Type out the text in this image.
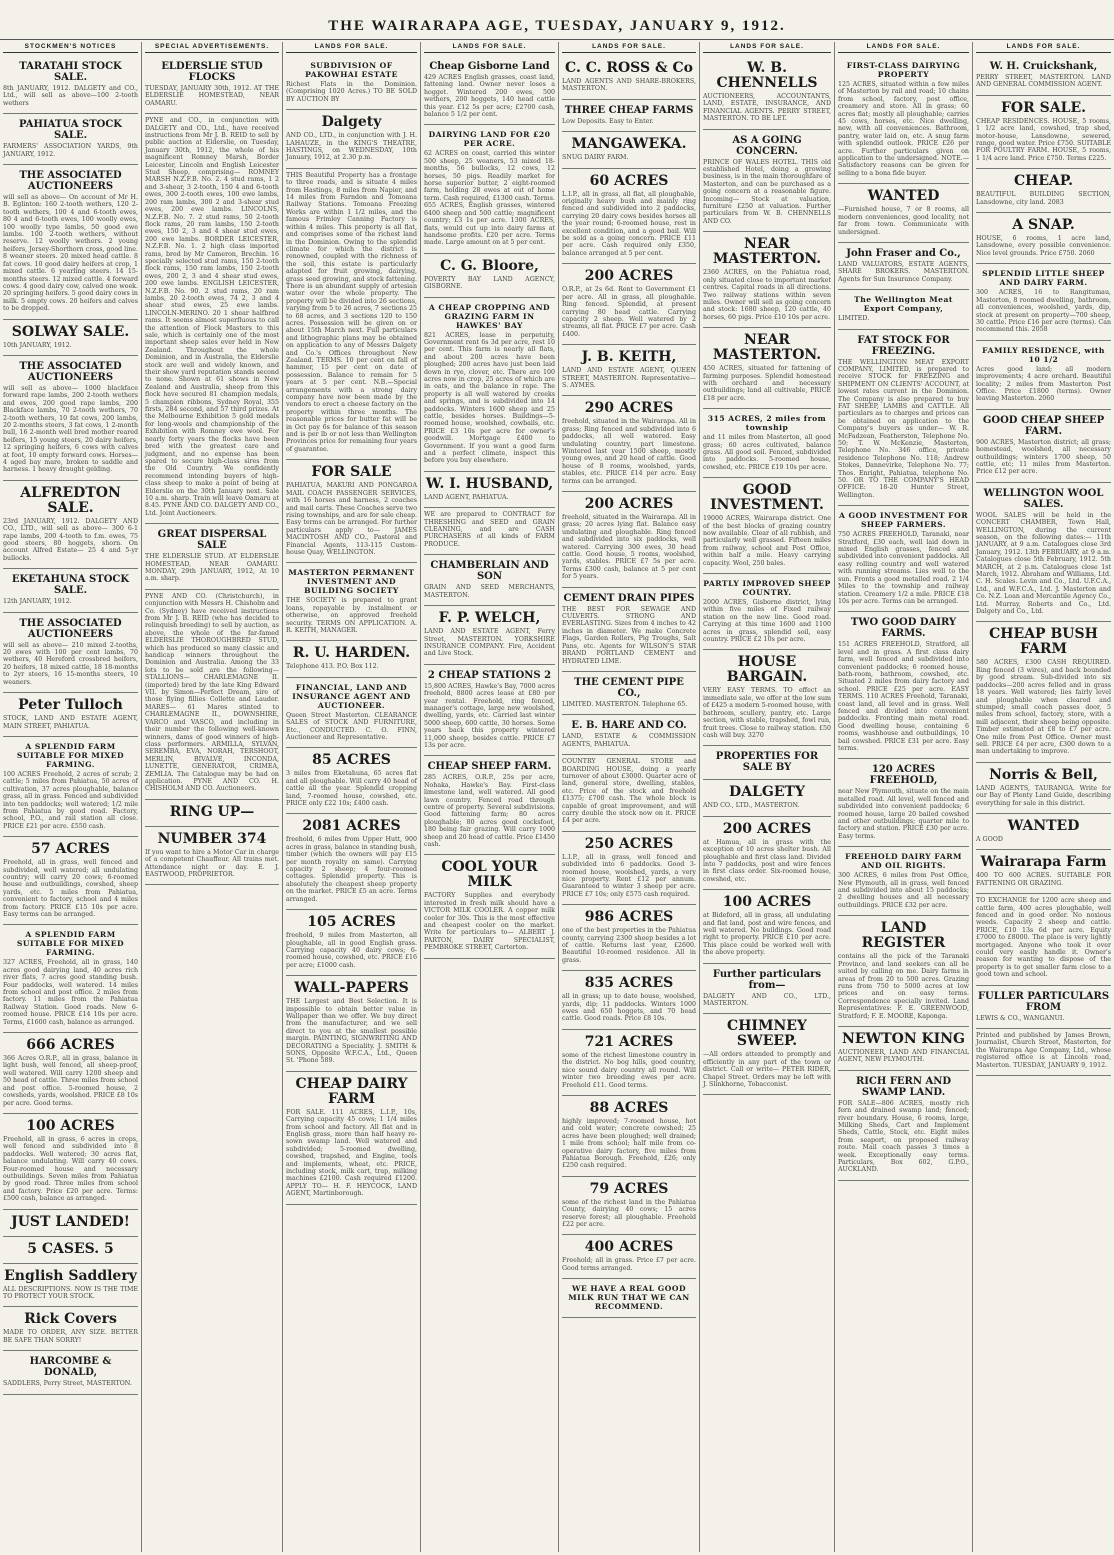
THE WAIRARAPA AGE, TUESDAY, JANUARY 9, 1912.
STOCKMEN'S NOTICES
TARATAHI STOCK SALE.

8th JANUARY, 1912. DALGETY and CO., Ltd., will sell as above—100 2-tooth wethers

PAHIATUA STOCK SALE.

FARMERS' ASSOCIATION YARDS, 9th JANUARY, 1912.

THE ASSOCIATED AUCTIONEERS

will sell as above— On account of Mr H. B. Eglinton: 160 2-tooth wethers, 120 2-tooth wethers, 100 4 and 6-tooth ewes, 80 4 and 6-tooth ewes, 100 woolly ewes, 100 woolly type lambs, 50 good ewe lambs. 100 2-tooth wethers, without reserve. 12 woolly wethers. 2 young heifers, Jersey-Shorthorn cross, good line. 8 weaner steers. 20 mixed head cattle. 8 fat cows. 10 good dairy heifers at crop, 1 mixed cattle. 6 yearling steers. 14 15-months steers. 12 mixed cattle. 4 forward cows. 4 good dairy cow, calved one week. 20 springing heifers. 5 good dairy cows in milk. 5 empty cows. 20 heifers and calves to be dropped.

SOLWAY SALE.

10th JANUARY, 1912.

THE ASSOCIATED AUCTIONEERS

will sell as above— 1000 blackface forward rape lambs, 200 2-tooth wethers and ewes, 200 good rape lambs, 200 Blackface lambs, 70 2-tooth wethers, 70 2-tooth wethers, 10 fat cows, 200 lambs, 20 2-months steers, 3 fat cows, 1 2-month bull, 16 2-month well bred mother reared heifers, 15 young steers, 20 dairy heifers, 12 springing heifers, 6 cows with calves at foot, 10 empty forward cows. Horses— 4 aged bay mare, broken to saddle and harness. 1 heavy draught gelding.

ALFREDTON SALE.

23rd JANUARY, 1912. DALGETY AND CO., LTD., will sell as above— 300 6-1 rape lambs, 200 4-tooth to f.m. ewes, 75 good steers, 80 hoggets, shorn. On account Alfred Estate— 25 4 and 5-yr bullocks.

EKETAHUNA STOCK SALE.

12th JANUARY, 1912.

THE ASSOCIATED AUCTIONEERS

will sell as above— 210 mixed 2-tooths, 20 ewes with 100 per cent lambs, 70 wethers, 40 Hereford crossbred heifers, 20 heifers, 18 mixed cattle, 18 18-months to 2yr steers, 16 15-months steers, 10 weaners.

Peter Tulloch

STOCK, LAND AND ESTATE AGENT, MAIN STREET, PAHIATUA.

A SPLENDID FARM SUITABLE FOR MIXED FARMING.

100 ACRES Freehold, 2 acres of scrub; 2 cattle; 5 miles from Pahiatua, 50 acres of cultivation, 37 acres ploughable, balance grass, all in grass. Fenced and subdivided into ten paddocks; well watered; 1/2 mile from Pahiatua by good road. Factory, school, P.O., and rail station all close. PRICE £21 per acre. £550 cash.

57 ACRES

Freehold, all in grass, well fenced and subdivided, well watered; all undulating country; will carry 20 cows; 6-roomed house and outbuildings, cowshed, sheep yards, etc. 5 miles from Pahiatua, convenient to factory, school and 4 miles from factory. PRICE £15 10s per acre. Easy terms can be arranged.

A SPLENDID FARM SUITABLE FOR MIXED FARMING.

327 ACRES, Freehold, all in grass, 140 acres good dairying land, 40 acres rich river flats, 7 acres good standing bush. Four paddocks, well watered. 14 miles from school and post office. 2 miles from factory. 11 miles from the Pahiatua Railway Station. Good roads. New 6-roomed house. PRICE £14 10s per acre. Terms, £1600 cash, balance as arranged.

666 ACRES

366 Acres O.R.P., all in grass, balance in light bush, well fenced, all sheep-proof, well watered. Will carry 1200 sheep and 50 head of cattle. Three miles from school and post office. 5-roomed house, 2 cowsheds, yards, woolshed. PRICE £8 10s per acre. Good terms.

100 ACRES

Freehold, all in grass, 6 acres in crops, well fenced and subdivided into 8 paddocks. Well watered; 30 acres flat, balance undulating. Will carry 40 cows. Four-roomed house and necessary outbuildings. Seven miles from Pahiatua by good road. Three miles from school and factory. Price £20 per acre. Terms: £500 cash, balance as arranged.

JUST LANDED!
5 CASES. 5
English Saddlery

ALL DESCRIPTIONS. NOW IS THE TIME TO PROTECT YOUR STOCK.

Rick Covers

MADE TO ORDER, ANY SIZE. BETTER BE SAFE THAN SORRY!

HARCOMBE & DONALD,

SADDLERS, Perry Street, MASTERTON.

SPECIAL ADVERTISEMENTS.
ELDERSLIE STUD FLOCKS

TUESDAY, JANUARY 30th, 1912. AT THE ELDERSLIE HOMESTEAD, NEAR OAMARU.

PYNE and CO., in conjunction with DALGETY and CO., Ltd., have received instructions from Mr J. B. REID to sell by public auction at Elderslie, on Tuesday, January 30th, 1912, the whole of his magnificent Romney Marsh, Border Leicester, Lincoln and English Leicester Stud Sheep, comprising— ROMNEY MARSH N.Z.F.B. No. 2. 4 stud rams, 1 2 and 3-shear, 3 2-tooth, 150 4 and 6-tooth ewes, 300 2-tooth ewes, 100 ewe lambs, 200 ram lambs, 300 2 and 3-shear stud ewes, 200 ewe lambs. LINCOLNS, N.Z.F.B. No. 7. 2 stud rams, 50 2-tooth flock rams, 20 ram lambs, 150 2-tooth ewes, 150 2, 3 and 4 shear stud ewes, 200 ewe lambs. BORDER LEICESTER, N.Z.F.B. No. 1. 2 high class imported rams, bred by Mr Cameron, Brechin. 16 specially selected stud rams, 150 2-tooth flock rams, 150 ram lambs, 150 2-tooth ewes, 200 2, 3 and 4 shear stud ewes, 200 ewe lambs. ENGLISH LEICESTER, N.Z.F.B. No. 90. 2 stud rams, 20 ram lambs, 20 2-tooth ewes, 74 2, 3 and 4 shear stud ewes, 25 ewe lambs. LINCOLN-MERINO. 20 1 shear halfbred rams. It seems almost superfluous to call the attention of Flock Masters to this sale, which is certainly one of the most important sheep sales ever held in New Zealand. Throughout the whole Dominion, and in Australia, the Elderslie stock are well and widely known, and their show yard reputation stands second to none. Shown at 61 shows in New Zealand and Australia, sheep from this flock have secured 81 champion medals, 5 champion ribbons, Sydney Royal, 355 firsts, 284 second, and 57 third prizes. At the Melbourne Exhibition 5 gold medals for long-wools and championship of the Exhibition with Romney ewe wool. For nearly forty years the flocks have been bred with the greatest care and judgment, and no expense has been spared to secure high-class sires from the Old Country. We confidently recommend intending buyers of high-class sheep to make a point of being at Elderslie on the 30th January next. Sale 10 a.m. sharp. Train will leave Oamaru at 8.45. PYNE AND CO. DALGETY AND CO., Ltd. Joint Auctioneers.

GREAT DISPERSAL SALE

THE ELDERSLIE STUD. AT ELDERSLIE HOMESTEAD, NEAR OAMARU. MONDAY, 29th JANUARY, 1912, At 10 a.m. sharp.

PYNE AND CO. (Christchurch), in conjunction with Messrs H. Chisholm and Co. (Sydney) have received instructions from Mr J. B. REID (who has decided to relinquish breeding) to sell by auction, as above, the whole of the far-famed ELDERSLIE THOROUGHBRED STUD, which has produced so many classic and handicap winners throughout the Dominion and Australia. Among the 33 lots to be sold are the following— STALLIONS— CHARLEMAGNE II. (imported) bred by the late King Edward VII. by Simon—Perfect Dream, sire of those flying fillies Collette and Lauder. MARES— 61 Mares stinted to CHARLEMAGNE II., DOWNSHIRE, VARCO and VASCO, and including in their number the following well-known winners, dams of good winners of high-class performers. ARMILLA, SYLVAN, SEREMBA, EVA, NORAH, TERSHOOT, MERLIN, BIVALVE, INCONDA, LUNETTE, GENERATOR, CRIMEA, ZEMLIA. The Catalogue may be had on application. PYNE AND CO. H. CHISHOLM AND CO. Auctioneers.

RING UP—
NUMBER 374

If you want to hire a Motor Car in charge of a competent Chauffeur. All trains met. Attendance night or day. E. J. EASTWOOD, PROPRIETOR.

LANDS FOR SALE.
SUBDIVISION OF PAKOWHAI ESTATE

Richest Flats in the Dominion. (Comprising 1020 Acres.) TO BE SOLD BY AUCTION BY

Dalgety

AND CO., LTD., in conjunction with J. H. LAHAUZE, in the KING'S THEATRE, HASTINGS, on WEDNESDAY, 10th January, 1912, at 2.30 p.m.

THIS Beautiful Property has a frontage to three roads, and is situate 4 miles from Hastings, 8 miles from Napier, and 14 miles from Farndon and Tomoana Railway Stations. Tomoana Freezing Works are within 1 1/2 miles, and the famous Frimley Canning Factory is within 4 miles. This property is all flat, and comprises some of the richest land in the Dominion. Owing to the splendid climate for which the district is renowned, coupled with the richness of the soil, this estate is particularly adapted for fruit growing, dairying, grass seed growing, and stock fattening. There is an abundant supply of artesian water over the whole property. The property will be divided into 26 sections, varying from 5 to 26 acres, 7 sections 25 to 68 acres, and 3 sections 120 to 150 acres. Possession will be given on or about 15th March next. Full particulars and lithographic plans may be obtained on application to any of Messrs Dalgety and Co.'s Offices throughout New Zealand. TERMS. 10 per cent on fall of hammer, 15 per cent on date of possession. Balance to remain for 5 years at 5 per cent. N.B.—Special arrangements with a strong dairy company have now been made by the vendors to erect a cheese factory on the property within three months. The reasonable prices for butter fat will be in Oct pay 6s for balance of this season and is per lb or not less than Wellington Provinces price for remaining four years of guarantee.

FOR SALE

PAHIATUA, MAKURI AND PONGAROA MAIL COACH PASSENGER SERVICES, with 16 horses and harness, 2 coaches and mail carts. These Coaches serve two rising townships, and are for sale cheap. Easy terms can be arranged. For further particulars apply to— JAMES MACINTOSH AND CO., Pastoral and Financial Agents, 113-115 Custom-house Quay, WELLINGTON.

MASTERTON PERMANENT INVESTMENT AND BUILDING SOCIETY

THE SOCIETY is prepared to grant loans, repayable by instalment or otherwise, on approved freehold security. TERMS ON APPLICATION. A. R. KEITH, MANAGER.

R. U. HARDEN.

Telephone 413. P.O. Box 112.

FINANCIAL, LAND AND INSURANCE AGENT AND AUCTIONEER.

Queen Street Masterton. CLEARANCE SALES of STOCK AND FURNITURE, Etc., CONDUCTED. C. O. FINN, Auctioneer and Representative.

85 ACRES

3 miles from Eketahuna, 65 acres flat and all ploughable. Will carry 40 head of cattle all the year. Splendid cropping land, 7-roomed house, cowshed, etc. PRICE only £22 10s; £400 cash.

2081 ACRES

freehold, 6 miles from Upper Hutt, 900 acres in grass, balance in standing bush, timber (which the owners will pay £15 per month royalty on same). Carrying capacity 2 sheep; 4 four-roomed cottages. Splendid property. This is absolutely the cheapest sheep property on the market. PRICE £5 an acre. Terms arranged.

105 ACRES

freehold, 9 miles from Masterton, all ploughable, all in good English grass. Carrying capacity 40 dairy cows; 6-roomed house, cowshed, etc. PRICE £16 per acre; £1000 cash.

WALL-PAPERS

THE Largest and Best Selection. It is impossible to obtain better value in Wallpaper than we offer. We buy direct from the manufacturer, and we sell direct to you at the smallest possible margin. PAINTING, SIGNWRITING AND DECORATING a Speciality. J. SMITH & SONS, Opposite W.F.C.A., Ltd., Queen St. 'Phone 589.

CHEAP DAIRY FARM

FOR SALE. 111 ACRES, L.I.P., 10s, Carrying capacity 45 cows; 1 1/4 miles from school and factory. All flat and in English grass, more than half heavy re-sown swamp land. Well watered and subdivided; 5-roomed dwelling, cowshed, trapshed, and Engine, tools and implements, wheat, etc. PRICE, including stock, milk cart, trap, milking machines £2100. Cash required £1200. APPLY TO— H. F. HEYCOCK, LAND AGENT, Martinborough.

LANDS FOR SALE.
Cheap Gisborne Land

429 ACRES English grasses, coast land, fattening land. Owner never loses a hogget. Wintered 200 ewes, 500 wethers, 200 hoggets, 140 head cattle this year. £12 5s per acre; £2700 cash, balance 5 1/2 per cent.

DAIRYING LAND FOR £20 PER ACRE.

62 ACRES on coast, carried this winter 500 sheep, 25 weaners, 53 mixed 18-months, 56 bullocks, 12 cows, 12 horses, 50 pigs. Readily market for horse superior butter, 2 eight-roomed farm, holding 28 ewes at out of home term. Cash required, £1300 cash. Terms. 655 ACRES, English grasses, wintered 6400 sheep and 500 cattle; magnificent country; £3 1s per acre. 1300 ACRES, flats, would cut up into dairy farms at handsome profits. £20 per acre. Terms made. Large amount on at 5 per cent.

C. G. Bloore,

POVERTY BAY LAND AGENCY, GISBORNE.

A CHEAP CROPPING AND GRAZING FARM IN HAWKES' BAY

821 ACRES, lease in perpetuity, Government rent 6s 3d per acre, rest 10 per cent. This farm is nearly all flats, and about 200 acres have been ploughed; 200 acres have just been laid down in rye, clover, etc. There are 100 acres now in crop, 25 acres of which are in oats, and the balance in rape. The property is all well watered by creeks and springs, and is subdivided into 14 paddocks. Winters 1600 sheep and 25 cattle, besides horses. Buildings—5-roomed house, woolshed, cowbails, etc. PRICE £3 10s per acre for owner's goodwill. Mortgage £400 to Government. If you want a good farm and a perfect climate, inspect this before you buy elsewhere.

W. I. HUSBAND,

LAND AGENT, PAHIATUA.

WE are prepared to CONTRACT for THRESHING and SEED and GRAIN CLEANING, and are CASH PURCHASERS of all kinds of FARM PRODUCE.

CHAMBERLAIN AND SON

GRAIN AND SEED MERCHANTS, MASTERTON.

F. P. WELCH,

LAND AND ESTATE AGENT, Ferry Street, MASTERTON. YORKSHIRE INSURANCE COMPANY. Fire, Accident and Live Stock.

2 CHEAP STATIONS 2

15,800 ACRES, Hawke's Bay, 7000 acres freehold, 8800 acres lease at £80 per year rental. Freehold, ring fenced, manager's cottage, large new woolshed, dwelling, yards, etc. Carried last winter 5000 sheep, 600 cattle, 30 horses. Some years back this property wintered 11,000 sheep, besides cattle. PRICE £7 13s per acre.

CHEAP SHEEP FARM.

285 ACRES, O.R.P., 25s per acre, Nohaka, Hawke's Bay. First-class limestone land, well watered. All good lawn country. Fenced road through centre of property. Several subdivisions. Good fattening farm; 80 acres ploughable; 80 acres good cocksfoot, 180 being fair grazing. Will carry 1000 sheep and 20 head of cattle. Price £1450 cash.

COOL YOUR MILK

FACTORY Supplies and everybody interested in fresh milk should have a VICTOR MILK COOLER. A copper milk cooler for 30s. This is the most effective and cheapest cooler on the market. Write for particulars to— ALBERT J. PARTON, DAIRY SPECIALIST, PEMBROKE STREET, Carterton.

LANDS FOR SALE.
C. C. ROSS & Co

LAND AGENTS AND SHARE-BROKERS, MASTERTON.

THREE CHEAP FARMS

Low Deposits. Easy to Enter.

MANGAWEKA.

SNUG DAIRY FARM.

60 ACRES

L.I.P., all in grass, all flat, all ploughable, originally heavy bush and mainly ring fenced and subdivided into 2 paddocks, carrying 20 dairy cows besides horses all the year round; 6-roomed house, rest in excellent condition, and a good bail. Will be sold as a going concern. PRICE £11 per acre. Cash required only £350, balance arranged at 5 per cent.

200 ACRES

O.R.P., at 2s 6d. Rent to Government £1 per acre. All in grass, all ploughable. Ring fenced. Splendid, at present carrying 80 head cattle. Carrying capacity 2 sheep. Well watered by 2 streams, all flat. PRICE £7 per acre. Cash £400.

J. B. KEITH,

LAND AND ESTATE AGENT, QUEEN STREET, MASTERTON. Representative—S. AYMES.

290 ACRES

freehold, situated in the Wairarapa. All in grass; Ring fenced and subdivided into 6 paddocks, all well watered. Easy undulating country, part limestone. Wintered last year 1500 sheep, mostly young ewes, and 20 head of cattle. Good house of 8 rooms, woolshed, yards, stables, etc. PRICE £14 per acre. Easy terms can be arranged.

200 ACRES

freehold, situated in the Wairarapa. All in grass; 20 acres lying flat. Balance easy undulating and ploughable. Ring fenced and subdivided into six paddocks, well watered. Carrying 300 ewes, 30 head cattle. Good house, 5 rooms, woolshed, yards, stables. PRICE £7 5s per acre. Terms £300 cash, balance at 5 per cent for 5 years.

CEMENT DRAIN PIPES

THE BEST FOR SEWAGE AND CULVERTS. STRONG AND EVERLASTING. Sizes from 4 inches to 42 inches in diameter. We make Concrete Flags, Garden Rollers, Pig Troughs, Salt Pans, etc. Agents for WILSON'S STAR BRAND PORTLAND CEMENT and HYDRATED LIME.

THE CEMENT PIPE CO.,

LIMITED. MASTERTON. Telephone 65.

E. B. HARE AND CO.

LAND, ESTATE & COMMISSION AGENTS, PAHIATUA.

COUNTRY GENERAL STORE and BOARDING HOUSE, doing a yearly turnover of about £3000. Quarter acre of land, general store, dwelling, stables, etc. Price of the stock and freehold £1375; £700 cash. The whole block is capable of great improvement, and will carry double the stock now on it. PRICE £4 per acre.

250 ACRES

L.I.P., all in grass, well fenced and subdivided into 6 paddocks. Good 3-roomed house, woolshed, yards, a very nice property. Rent £12 per annum. Guaranteed to winter 3 sheep per acre. PRICE £7 10s; only £575 cash required.

986 ACRES

one of the best properties in the Pahiatua county, carrying 2300 sheep besides a lot of cattle. Returns last year, £2600. Beautiful 10-roomed residence. All in grass.

835 ACRES

all in grass; up to date house, woolshed, yards, dip; 11 paddocks. Winters 1000 ewes and 650 hoggets, and 70 head cattle. Good roads. Price £8 10s.

721 ACRES

some of the richest limestone country in the district. No bog hills, good country, nice sound dairy country all round. Will winter two breeding ewes per acre. Freehold £11. Good terms.

88 ACRES

highly improved; 7-roomed house, hot and cold water; concrete cowshed; 25 acres have been ploughed; well drained; 1 mile from school; half mile from co-operative dairy factory, five miles from Pahiatua Borough. Freehold, £26; only £250 cash required.

79 ACRES

some of the richest land in the Pahiatua County, dairying 40 cows; 15 acres reserve forest; all ploughable. Freehold £22 per acre.

400 ACRES

Freehold; all in grass. Price £7 per acre. Good terms arranged.

WE HAVE A REAL GOOD MILK RUN THAT WE CAN RECOMMEND.
LANDS FOR SALE.
W. B. CHENNELLS

AUCTIONEERS, ACCOUNTANTS, LAND, ESTATE, INSURANCE, AND FINANCIAL AGENTS. PERRY STREET, MASTERTON. TO BE LET.

AS A GOING CONCERN.

PRINCE OF WALES HOTEL. THIS old established Hotel, doing a growing business, is in the main thoroughfare of Masterton, and can be purchased as a going concern at a reasonable figure. Incoming— Stock at valuation, furniture £250 at valuation. Further particulars from W. B. CHENNELLS AND CO.

NEAR MASTERTON.

2360 ACRES, on the Pahiatua road, only situated close to important market centres. Capital roads in all directions. Two railway stations within seven miles. Owner will sell as going concern and stock: 1680 sheep, 120 cattle, 40 horses, 60 pigs. Price £10 10s per acre.

NEAR MASTERTON.

450 ACRES, situated for fattening of farming purposes. Splendid homestead with orchard and necessary outbuildings; land all cultivable, PRICE £18 per acre.

315 ACRES, 2 miles from township

and 11 miles from Masterton, all good grass; 60 acres cultivated, balance grass. All good soil. Fenced, subdivided into paddocks. 5-roomed house, cowshed, etc. PRICE £19 10s per acre.

GOOD INVESTMENT.

19000 ACRES, Wairarapa district. One of the best blocks of grazing country now available. Clear of all rubbish, and particularly well grassed. Fifteen miles from railway, school and Post Office, within half a mile. Heavy carrying capacity. Wool, 250 bales.

PARTLY IMPROVED SHEEP COUNTRY.

2000 ACRES, Gisborne district, lying within five miles of Fixed railway station on the new line. Good road. Carrying at this time 1600 and 1100 acres in grass, splendid soil, easy country. PRICE £2 10s per acre.

HOUSE BARGAIN.

VERY EASY TERMS. TO effect an immediate sale, we offer at the low sum of £425 a modern 5-roomed house, with bathroom, scullery, pantry, etc. Large section, with stable, trapshed, fowl run, fruit trees. Close to railway station. £50 cash will buy. 3270

PROPERTIES FOR SALE BY
DALGETY

AND CO., LTD., MASTERTON.

200 ACRES

at Hamua, all in grass with the exception of 10 acres shelter bush. All ploughable and first class land. Divided into 7 paddocks, post and wire fences in first class order. Six-roomed house, cowshed, etc.

100 ACRES

at Bideford, all in grass, all undulating and flat land, post and wire fences, and well watered. No buildings. Good road right to property. PRICE £10 per acre. This place could be worked well with the above property.

Further particulars from—

DALGETY AND CO., LTD., MASTERTON.

CHIMNEY SWEEP.

—All orders attended to promptly and efficiently in any part of the town or district. Call or write— PETER RIDER, Chapel Street. Orders may be left with J. Slinkhorne, Tobacconist.

LANDS FOR SALE.
FIRST-CLASS DAIRYING PROPERTY

125 ACRES, situated within a few miles of Masterton by rail and road; 10 chains from school, factory, post office, creamery and store. All in grass; 60 acres flat; mostly all ploughable; carries 45 cows, horses, etc. Nice dwelling, new, with all conveniences. Bathroom, pantry, water laid on, etc. A snug farm with splendid outlook. PRICE £26 per acre. Further particulars given on application to the undersigned. NOTE.—Satisfactory reasons can be given for selling to a bona fide buyer.

WANTED

—Furnished house, 7 or 8 rooms, all modern conveniences, good locality, not far from town. Communicate with undersigned.

John Fraser and Co.,

LAND VALUATORS, ESTATE AGENTS, SHARE BROKERS. MASTERTON. Agents for Sun Insurance Company.

The Wellington Meat Export Company,

LIMITED.

FAT STOCK FOR FREEZING.

THE WELLINGTON MEAT EXPORT COMPANY, LIMITED, is prepared to receive STOCK for FREEZING and SHIPMENT ON CLIENTS' ACCOUNT, at lowest rates current in the Dominion. The Company is also prepared to buy FAT SHEEP, LAMBS and CATTLE. All particulars as to charges and prices can be obtained on application to the Company's buyers as under— W. R. McFadzean, Featherston, Telephone No. 50; T. W. McKenzie, Masterton, Telephone No. 346 office, private residence Telephone No. 118; Andrew Stokes, Dannevirke, Telephone No. 77; Thos. Enright, Pahiatua, telephone No. 50. OR TO THE COMPANY'S HEAD OFFICE: 18-20 Hunter Street, Wellington.

A GOOD INVESTMENT FOR SHEEP FARMERS.

750 ACRES FREEHOLD, Taranaki, near Stratford, £30 each, well laid down in mixed English grasses, fenced and subdivided into convenient paddocks. All easy rolling country and well watered with running streams. Lies well to the sun. Fronts a good metalled road. 2 1/4 Miles to the township and railway station. Creamery 1/2 a mile. PRICE £18 10s per acre. Terms can be arranged.

TWO GOOD DAIRY FARMS.

151 ACRES FREEHOLD, Stratford, all level and in grass. A first class dairy farm, well fenced and subdivided into convenient paddocks; 6 roomed house, bath-room, bathroom, cowshed, etc. Situated 2 miles from dairy factory and school. PRICE £25 per acre. EASY TERMS. 110 ACRES Freehold, Taranaki, coast land, all level and in grass. Well fenced and divided into convenient paddocks. Fronting main metal road. Good dwelling house, containing 6 rooms, washhouse and outbuildings, 10 bail cowshed. PRICE £31 per acre. Easy terms.

120 ACRES FREEHOLD,

near New Plymouth, situate on the main metalled road. All level, well fenced and subdivided into convenient paddocks; 6 roomed house, large 20 bailed cowshed and other outbuildings; quarter mile to factory and station. PRICE £30 per acre. Easy terms.

FREEHOLD DAIRY FARM AND OIL RIGHTS.

300 ACRES, 6 miles from Post Office, New Plymouth, all in grass, well fenced and subdivided into about 15 paddocks; 2 dwelling houses and all necessary outbuildings. PRICE £32 per acre.

LAND REGISTER

contains all the pick of the Taranaki Province, and land seekers can all be suited by calling on me. Dairy farms in areas of from 20 to 500 acres. Grazing runs from 750 to 5000 acres at low prices and on easy terms. Correspondence specially invited. Land Representatives: F. E. GREENWOOD, Stratford; F. E. MOORE, Kaponga.

NEWTON KING

AUCTIONEER, LAND AND FINANCIAL AGENT, NEW PLYMOUTH.

RICH FERN AND SWAMP LAND.

FOR SALE—806 ACRES, mostly rich fern and drained swamp land; fenced; river boundary. House, 6 rooms, large, Milking Sheds, Cart and Implement Sheds, Cattle, Stock, etc. Eight miles from seaport, on proposed railway route. Mail coach passes 3 times a week. Exceptionally easy terms. Particulars, Box 602, G.P.O., AUCKLAND.

LANDS FOR SALE.
W. H. Cruickshank,

PERRY STREET, MASTERTON. LAND AND GENERAL COMMISSION AGENT.

FOR SALE.

CHEAP RESIDENCES. HOUSE, 5 rooms, 1 1/2 acre land, cowshed, trap shed, motor-house, Lansdowne, sewered, range, good water. Price £750. SUITABLE FOR POULTRY FARM. HOUSE, 5 rooms, 1 1/4 acre land. Price £750. Terms £225.

CHEAP.

BEAUTIFUL BUILDING SECTION, Lansdowne, city land. 2083

A SNAP.

HOUSE, 6 rooms, 1 acre land, Lansdowne, every possible convenience. Nice level grounds. Price £750. 2060

SPLENDID LITTLE SHEEP AND DAIRY FARM.

300 ACRES, 16 to Rangitumau, Masterton, 8 roomed dwelling, bathroom, all conveniences, woolshed, yards, dip, stock at present on property—700 sheep, 30 cattle. Price £16 per acre (terms). Can recommend this. 2058

FAMILY RESIDENCE, with 10 1/2

Acres good land; all modern improvements; 4 acre orchard. Beautiful locality; 2 miles from Masterton Post Office. Price £1800 (terms). Owner leaving Masterton. 2060

GOOD CHEAP SHEEP FARM.

900 ACRES, Masterton district; all grass; homestead, woolshed, all necessary outbuildings; winters 1700 sheep, 50 cattle, etc; 11 miles from Masterton. Price £12 per acre.

WELLINGTON WOOL SALES.

WOOL SALES will be held in the CONCERT CHAMBER, Town Hall, WELLINGTON, during the current season, on the following dates:— 11th JANUARY, at 9 a.m. Catalogues close 3rd January, 1912. 13th FEBRUARY, at 9 a.m. Catalogues close 5th February, 1912. 5th MARCH, at 2 p.m. Catalogues close 1st March, 1912. Abraham and Williams, Ltd. C. H. Scales. Levin and Co., Ltd. U.F.C.A., Ltd., and W.F.C.A., Ltd. J. Masterton and Co. N.Z. Loan and Mercantile Agency Co., Ltd. Murray, Roberts and Co., Ltd. Dalgety and Co., Ltd.

CHEAP BUSH FARM

580 ACRES, £300 CASH REQUIRED. Ring fenced (3 wires), and back bounded by good stream. Sub-divided into six paddocks—200 acres felled and in grass 18 years. Well watered; lies fairly level and ploughable when cleared and stumped; small coach passes door, 5 miles from school, factory, store, with a mill adjacent, their sheep being opposite. Timber estimated at £8 to £7 per acre. One mile from Post Office. Owner must sell. PRICE £4 per acre, £300 down to a man undertaking to improve.

Norris & Bell,

LAND AGENTS, TAURANGA. Write for our Bay of Plenty Land Guide, describing everything for sale in this district.

WANTED

A GOOD

Wairarapa Farm

400 TO 600 ACRES. SUITABLE FOR FATTENING OR GRAZING.

TO EXCHANGE for 1200 acre sheep and cattle farm, 400 acres ploughable, well fenced and in good order. No noxious weeds. Capacity 2 sheep and cattle. PRICE, £10 13s 6d per acre. Equity £7000 to £8000. The place is very lightly mortgaged. Anyone who took it over could very easily handle it. Owner's reason for wanting to dispose of the property is to get smaller farm close to a good town and school.

FULLER PARTICULARS FROM

LEWIS & CO., WANGANUI.

Printed and published by James Brown, Journalist, Church Street, Masterton, for the Wairarapa Age Company, Ltd., whose registered office is at Lincoln road, Masterton. TUESDAY, JANUARY 9, 1912.
